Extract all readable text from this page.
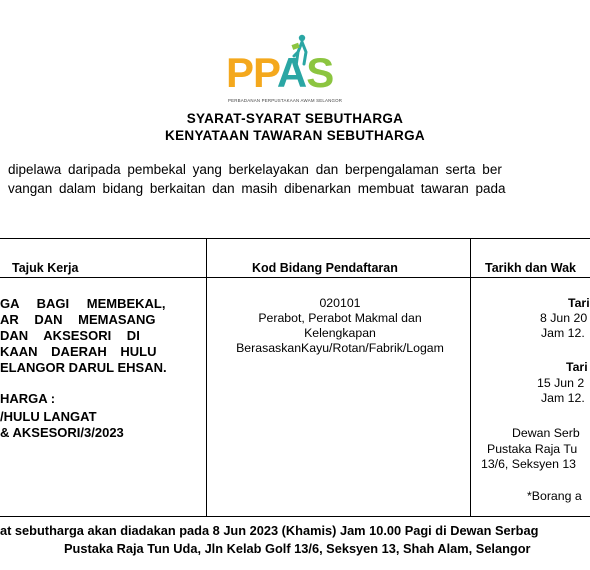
PPAS
PERBADANAN PERPUSTAKAAN AWAM SELANGOR
SYARAT-SYARAT SEBUTHARGA
KENYATAAN TAWARAN SEBUTHARGA
dipelawa daripada pembekal yang berkelayakan dan berpengalaman serta ber
vangan dalam bidang berkaitan dan masih dibenarkan membuat tawaran pada
Tajuk Kerja	Kod Bidang Pendaftaran	Tarikh dan Wak
GA BAGI MEMBEKAL,
AR DAN MEMASANG
DAN AKSESORI DI
KAAN DAERAH HULU
ELANGOR DARUL EHSAN.
HARGA :
/HULU LANGAT
& AKSESORI/3/2023
020101
Perabot, Perabot Makmal dan
Kelengkapan
BerasaskanKayu/Rotan/Fabrik/Logam
Tari
8 Jun 20
Jam 12.
Tari
15 Jun 2
Jam 12.
Dewan Serb
Pustaka Raja Tu
13/6, Seksyen 13
*Borang a
at sebutharga akan diadakan pada 8 Jun 2023 (Khamis) Jam 10.00 Pagi di Dewan Serbag
Pustaka Raja Tun Uda, Jln Kelab Golf 13/6, Seksyen 13, Shah Alam, Selangor
